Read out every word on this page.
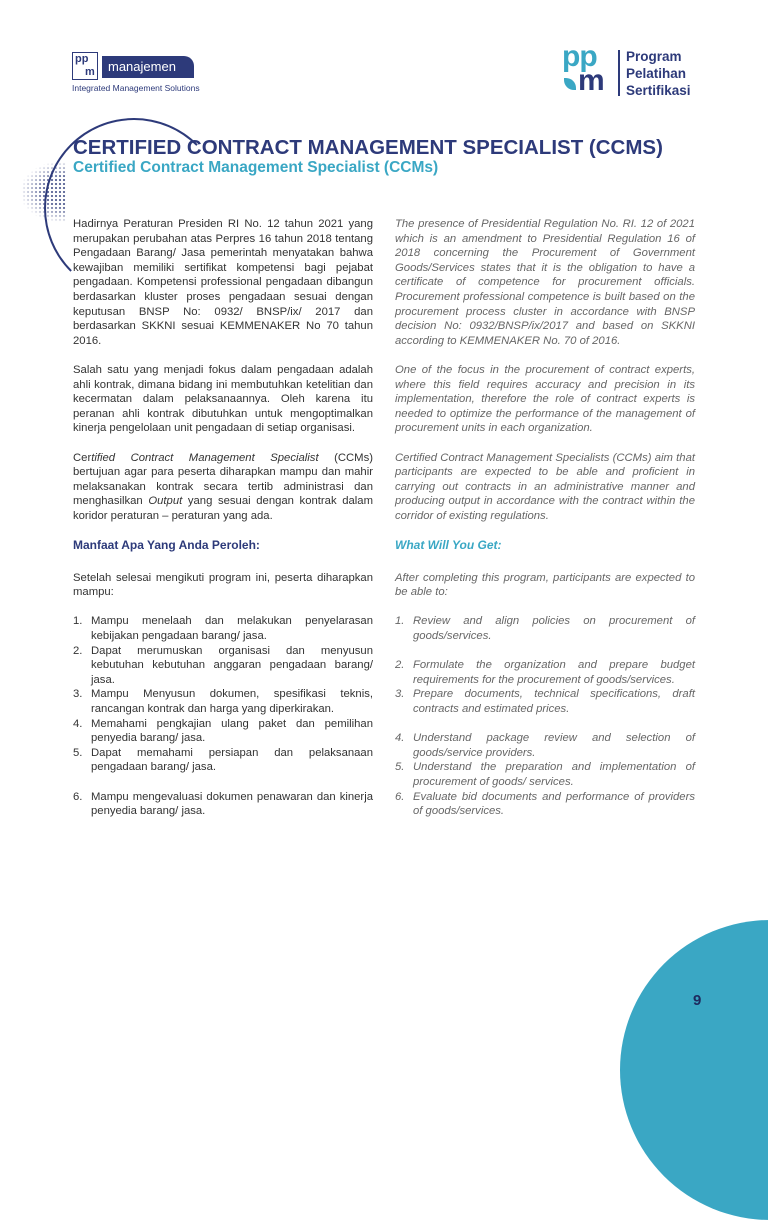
pp
m	manajemen
Integrated Management Solutions
pp
m
Program
Pelatihan
Sertifikasi
CERTIFIED CONTRACT MANAGEMENT SPECIALIST (CCMS)
Certified Contract Management Specialist (CCMs)

Hadirnya Peraturan Presiden RI No. 12 tahun 2021 yang merupakan perubahan atas Perpres 16 tahun 2018 tentang Pengadaan Barang/ Jasa pemerintah menyatakan bahwa kewajiban memiliki sertifikat kompetensi bagi pejabat pengadaan. Kompetensi professional pengadaan dibangun berdasarkan kluster proses pengadaan sesuai dengan keputusan BNSP No: 0932/ BNSP/ix/ 2017 dan berdasarkan SKKNI sesuai KEMMENAKER No 70 tahun 2016.

Salah satu yang menjadi fokus dalam pengadaan adalah ahli kontrak, dimana bidang ini membutuhkan ketelitian dan kecermatan dalam pelaksanaannya. Oleh karena itu peranan ahli kontrak dibutuhkan untuk mengoptimalkan kinerja pengelolaan unit pengadaan di setiap organisasi.

Certified Contract Management Specialist (CCMs) bertujuan agar para peserta diharapkan mampu dan mahir melaksanakan kontrak secara tertib administrasi dan menghasilkan Output yang sesuai dengan kontrak dalam koridor peraturan – peraturan yang ada.

Manfaat Apa Yang Anda Peroleh:

Setelah selesai mengikuti program ini, peserta diharapkan mampu:

1. Mampu menelaah dan melakukan penyelarasan kebijakan pengadaan barang/ jasa.
2. Dapat merumuskan organisasi dan menyusun kebutuhan kebutuhan anggaran pengadaan barang/ jasa.
3. Mampu Menyusun dokumen, spesifikasi teknis, rancangan kontrak dan harga yang diperkirakan.
4. Memahami pengkajian ulang paket dan pemilihan penyedia barang/ jasa.
5. Dapat memahami persiapan dan pelaksanaan pengadaan barang/ jasa.
6. Mampu mengevaluasi dokumen penawaran dan kinerja penyedia barang/ jasa.

The presence of Presidential Regulation No. RI. 12 of 2021 which is an amendment to Presidential Regulation 16 of 2018 concerning the Procurement of Government Goods/Services states that it is the obligation to have a certificate of competence for procurement officials. Procurement professional competence is built based on the procurement process cluster in accordance with BNSP decision No: 0932/BNSP/ix/2017 and based on SKKNI according to KEMMENAKER No. 70 of 2016.

One of the focus in the procurement of contract experts, where this field requires accuracy and precision in its implementation, therefore the role of contract experts is needed to optimize the performance of the management of procurement units in each organization.

Certified Contract Management Specialists (CCMs) aim that participants are expected to be able and proficient in carrying out contracts in an administrative manner and producing output in accordance with the contract within the corridor of existing regulations.

What Will You Get:

After completing this program, participants are expected to be able to:

1. Review and align policies on procurement of goods/services.
2. Formulate the organization and prepare budget requirements for the procurement of goods/services.
3. Prepare documents, technical specifications, draft contracts and estimated prices.
4. Understand package review and selection of goods/service providers.
5. Understand the preparation and implementation of procurement of goods/ services.
6. Evaluate bid documents and performance of providers of goods/services.
9
